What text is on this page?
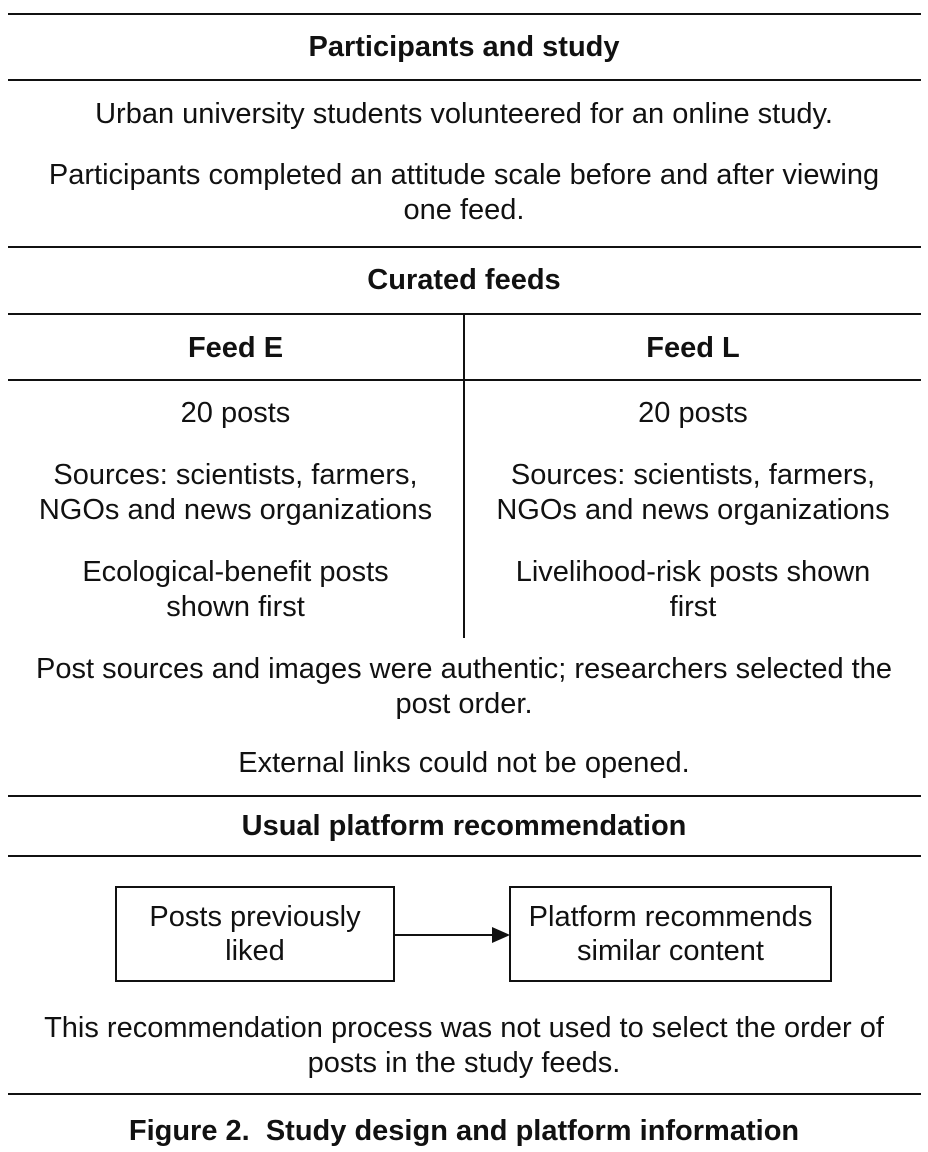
Participants and study

Urban university students volunteered for an online study.

Participants completed an attitude scale before and after viewing one feed.

Curated feeds

Feed E

20 posts

Sources: scientists, farmers, NGOs and news organizations

Ecological-benefit posts shown first

Feed L

20 posts

Sources: scientists, farmers, NGOs and news organizations

Livelihood-risk posts shown first

Post sources and images were authentic; researchers selected the post order.

External links could not be opened.

Usual platform recommendation

Posts previously liked
Platform recommends similar content

This recommendation process was not used to select the order of posts in the study feeds.

Figure 2.  Study design and platform information
